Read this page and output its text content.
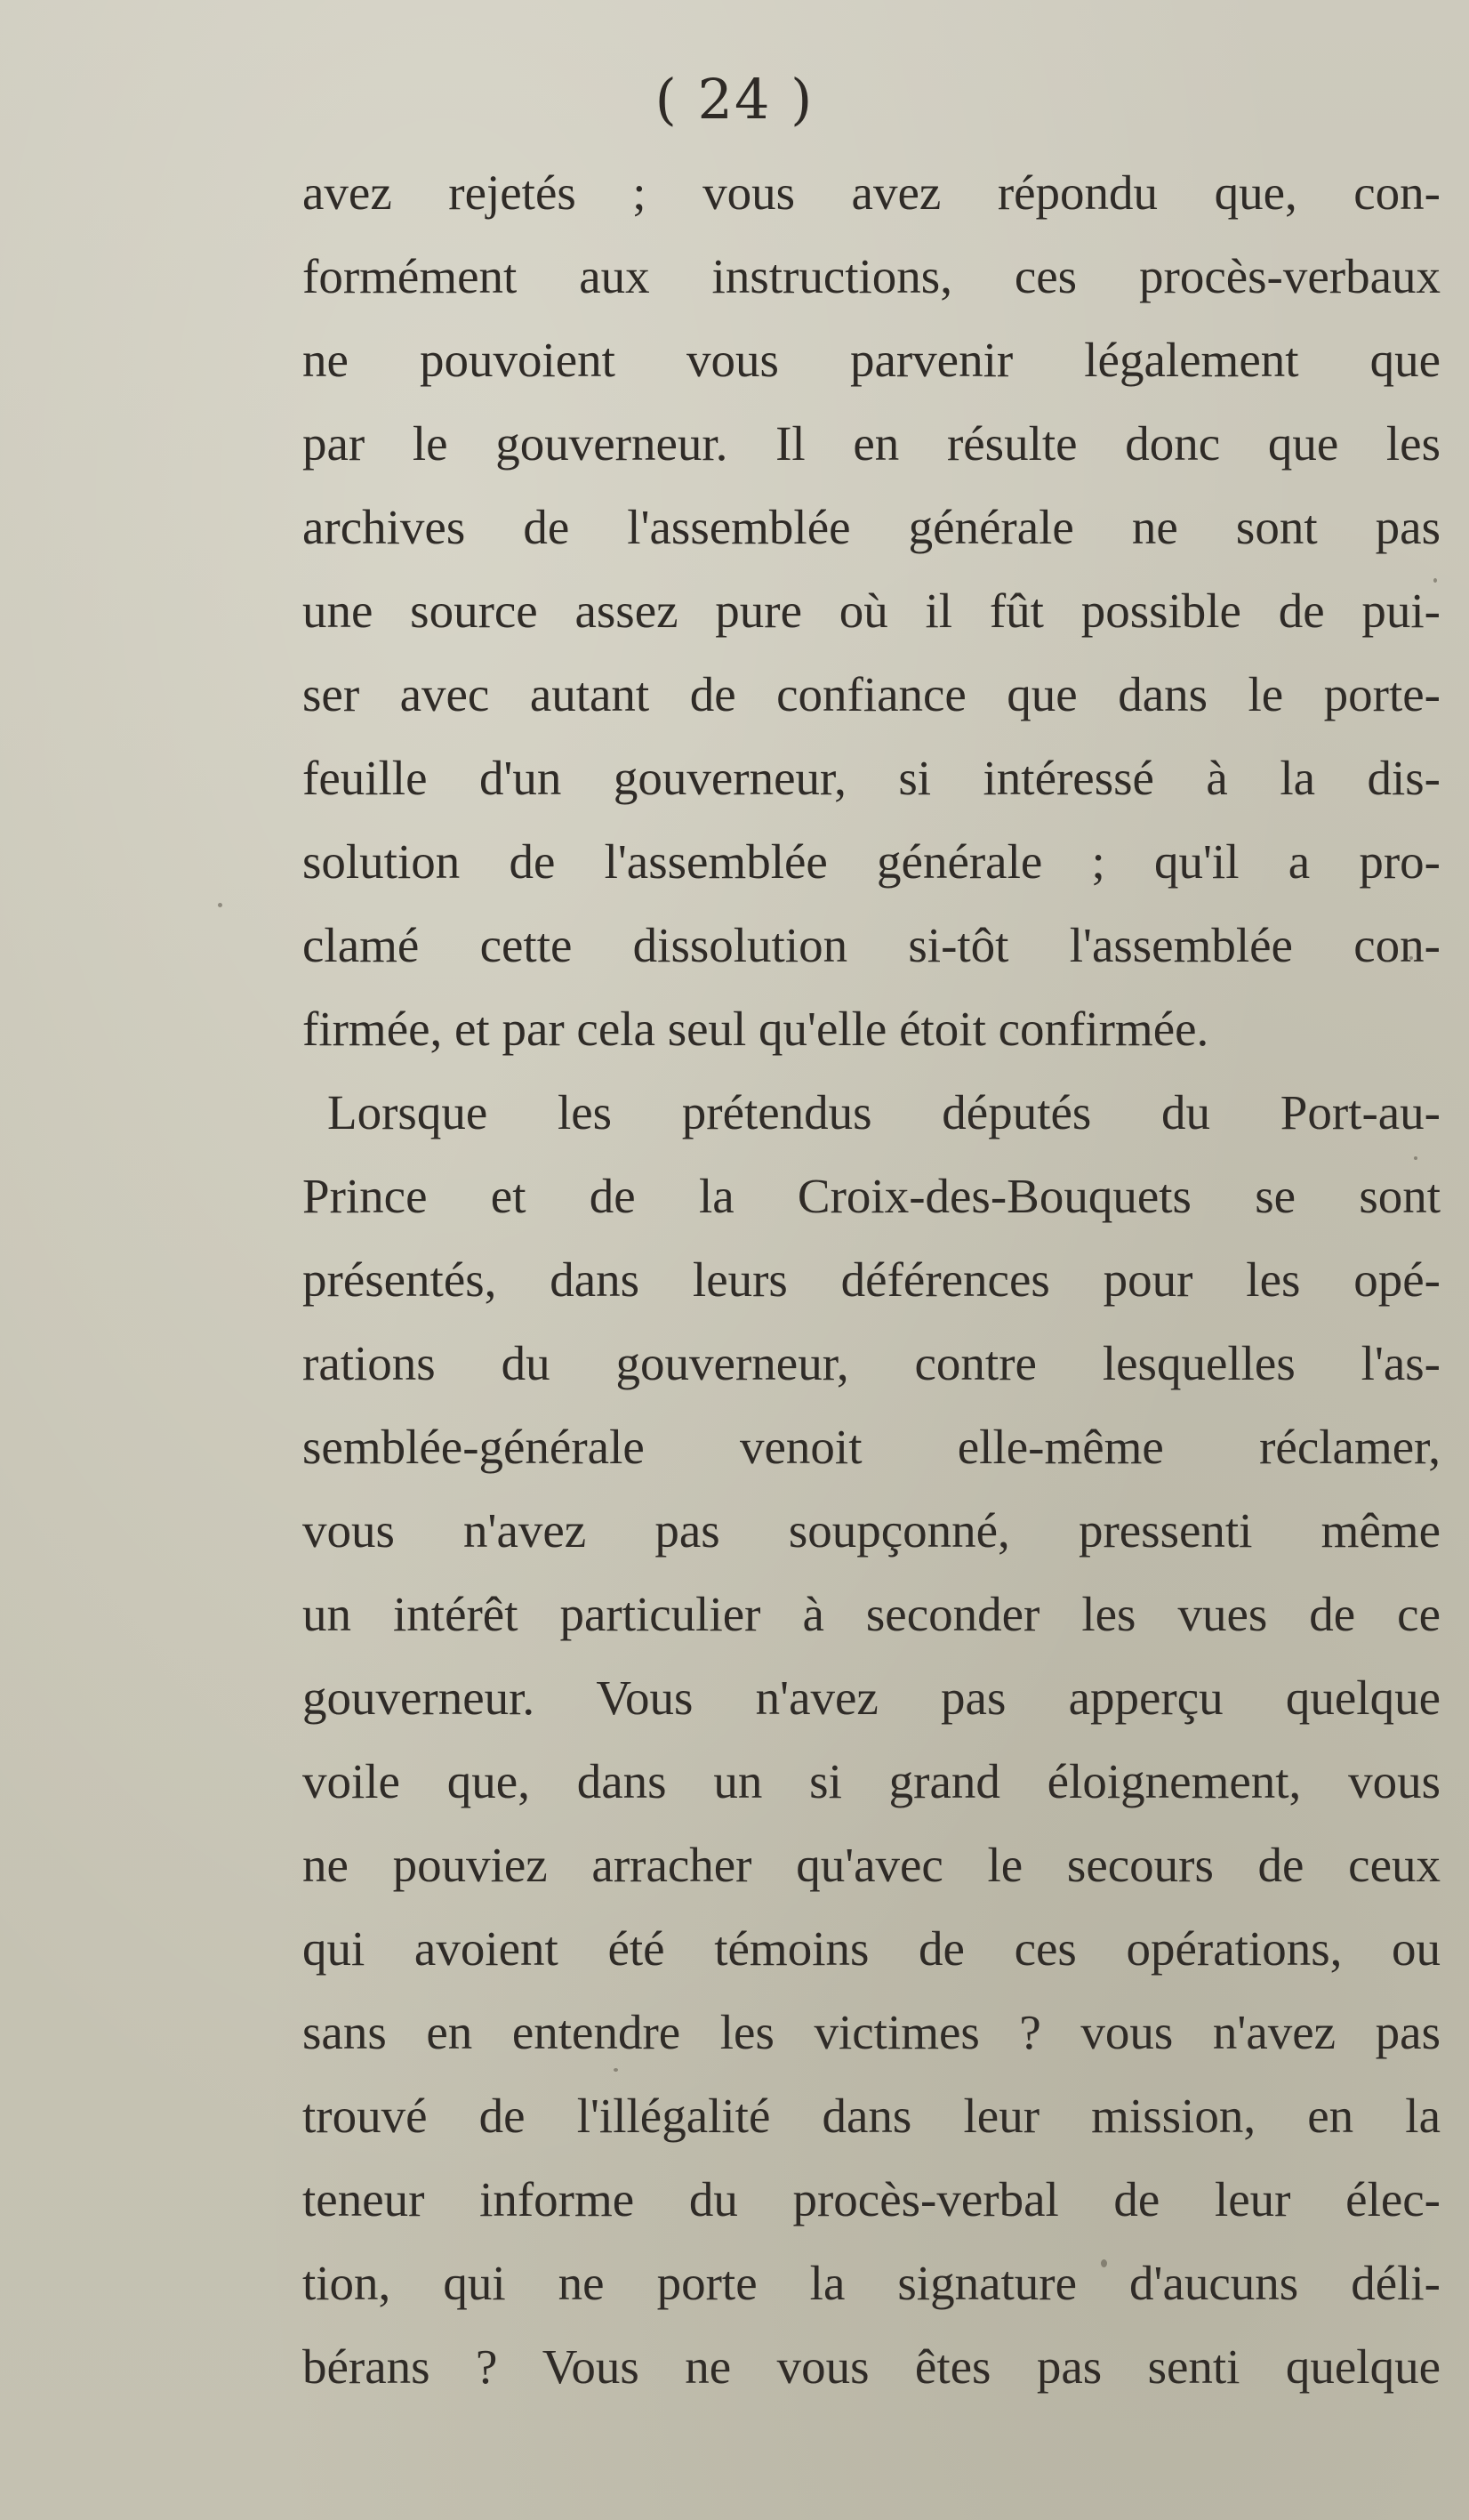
( 24 )
avez rejetés ; vous avez répondu que, con-
formément aux instructions, ces procès-verbaux
ne pouvoient vous parvenir légalement que
par le gouverneur. Il en résulte donc que les
archives de l'assemblée générale ne sont pas
une source assez pure où il fût possible de pui-
ser avec autant de confiance que dans le porte-
feuille d'un gouverneur, si intéressé à la dis-
solution de l'assemblée générale ; qu'il a pro-
clamé cette dissolution si-tôt l'assemblée con-
firmée, et par cela seul qu'elle étoit confirmée.
Lorsque les prétendus députés du Port-au-
Prince et de la Croix-des-Bouquets se sont
présentés, dans leurs déférences pour les opé-
rations du gouverneur, contre lesquelles l'as-
semblée-générale venoit elle-même réclamer,
vous n'avez pas soupçonné, pressenti même
un intérêt particulier à seconder les vues de ce
gouverneur. Vous n'avez pas apperçu quelque
voile que, dans un si grand éloignement, vous
ne pouviez arracher qu'avec le secours de ceux
qui avoient été témoins de ces opérations, ou
sans en entendre les victimes ? vous n'avez pas
trouvé de l'illégalité dans leur mission, en la
teneur informe du procès-verbal de leur élec-
tion, qui ne porte la signature d'aucuns déli-
bérans ? Vous ne vous êtes pas senti quelque
